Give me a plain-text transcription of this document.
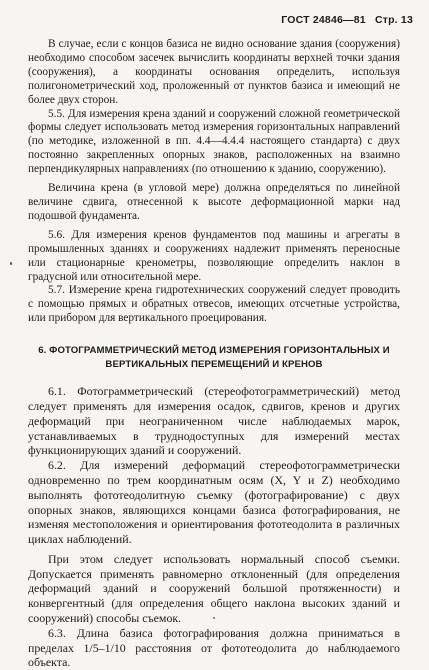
ГОСТ 24846—81 Стр. 13

В случае, если с концов базиса не видно основание здания (сооружения) необходимо способом засечек вычислить координаты верхней точки здания (сооружения), а координаты основания определить, используя полигонометрический ход, проложенный от пунктов базиса и имеющий не более двух сторон.

5.5. Для измерения крена зданий и сооружений сложной геометрической формы следует использовать метод измерения горизонтальных направлений (по методике, изложенной в пп. 4.4—4.4.4 настоящего стандарта) с двух постоянно закрепленных опорных знаков, расположенных на взаимно перпендикулярных направлениях (по отношению к зданию, сооружению).

Величина крена (в угловой мере) должна определяться по линейной величине сдвига, отнесенной к высоте деформационной марки над подошвой фундамента.

5.6. Для измерения кренов фундаментов под машины и агрегаты в промышленных зданиях и сооружениях надлежит применять переносные или стационарные кренометры, позволяющие определить наклон в градусной или относительной мере.

5.7. Измерение крена гидротехнических сооружений следует проводить с помощью прямых и обратных отвесов, имеющих отсчетные устройства, или прибором для вертикального проецирования.

6. ФОТОГРАММЕТРИЧЕСКИЙ МЕТОД ИЗМЕРЕНИЯ ГОРИЗОНТАЛЬНЫХ И ВЕРТИКАЛЬНЫХ ПЕРЕМЕЩЕНИЙ И КРЕНОВ

6.1. Фотограмметрический (стереофотограмметрический) метод следует применять для измерения осадок, сдвигов, кренов и других деформаций при неограниченном числе наблюдаемых марок, устанавливаемых в труднодоступных для измерений местах функционирующих зданий и сооружений.

6.2. Для измерений деформаций стереофотограмметрически одновременно по трем координатным осям (X, Y и Z) необходимо выполнять фототеодолитную съемку (фотографирование) с двух опорных знаков, являющихся концами базиса фотографирования, не изменяя местоположения и ориентирования фототеодолита в различных циклах наблюдений.

При этом следует использовать нормальный способ съемки. Допускается применять равномерно отклоненный (для определения деформаций зданий и сооружений большой протяженности) и конвергентный (для определения общего наклона высоких зданий и сооружений) способы съемок.

6.3. Длина базиса фотографирования должна приниматься в пределах 1/5–1/10 расстояния от фототеодолита до наблюдаемого объекта.
